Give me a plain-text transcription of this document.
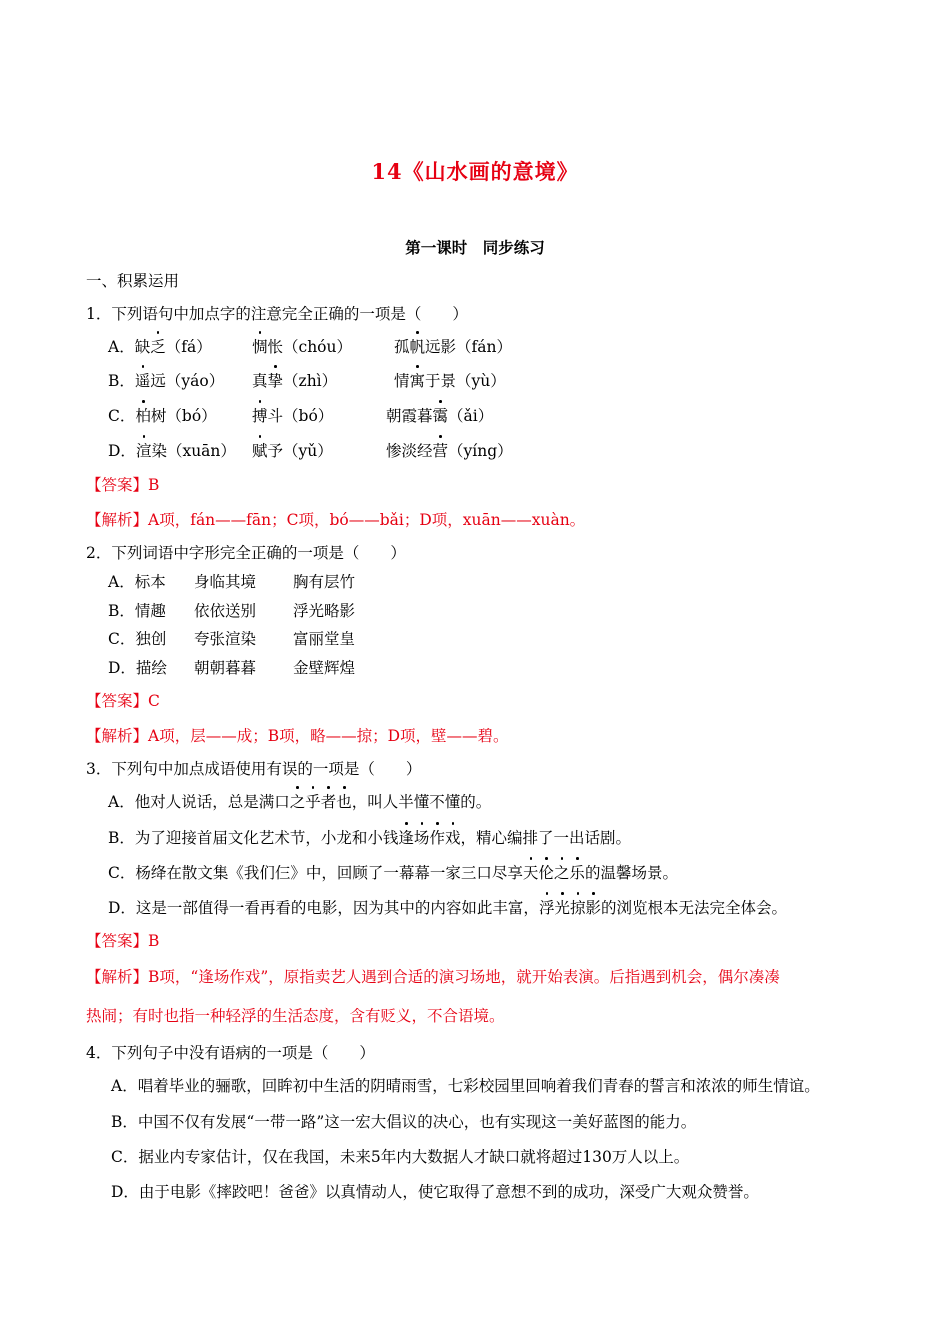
14《山水画的意境》
第一课时　同步练习
一、积累运用
1．下列语句中加点字的注意完全正确的一项是（　　）
A．缺乏（fá）	惆怅（chóu）	孤帆远影（fán）
B．遥远（yáo） 真挚（zhì）	情寓于景（yù）
C．柏树（bó） 搏斗（bó）	朝霞暮霭（ǎi）
D．渲染（xuān） 赋予（yǔ）	惨淡经营（yíng）
【答案】B
【解析】A项，fán——fān；C项，bó——bǎi；D项，xuān——xuàn。
2．下列词语中字形完全正确的一项是（　　）
A．标本 身临其境 胸有层竹
B．情趣 依依送别 浮光略影
C．独创 夸张渲染 富丽堂皇
D．描绘 朝朝暮暮 金壁辉煌
【答案】C
【解析】A项，层——成；B项，略——掠；D项，壁——碧。
3．下列句中加点成语使用有误的一项是（　　）
A．他对人说话，总是满口之乎者也，叫人半懂不懂的。
B．为了迎接首届文化艺术节，小龙和小钱逢场作戏，精心编排了一出话剧。
C．杨绛在散文集《我们仨》中，回顾了一幕幕一家三口尽享天伦之乐的温馨场景。
D．这是一部值得一看再看的电影，因为其中的内容如此丰富，浮光掠影的浏览根本无法完全体会。
【答案】B
【解析】B项，“逢场作戏”，原指卖艺人遇到合适的演习场地，就开始表演。后指遇到机会，偶尔凑凑
热闹；有时也指一种轻浮的生活态度，含有贬义，不合语境。
4．下列句子中没有语病的一项是（　　）
A．唱着毕业的骊歌，回眸初中生活的阴晴雨雪，七彩校园里回响着我们青春的誓言和浓浓的师生情谊。
B．中国不仅有发展“一带一路”这一宏大倡议的决心，也有实现这一美好蓝图的能力。
C．据业内专家估计，仅在我国，未来5年内大数据人才缺口就将超过130万人以上。
D．由于电影《摔跤吧！爸爸》以真情动人，使它取得了意想不到的成功，深受广大观众赞誉。
